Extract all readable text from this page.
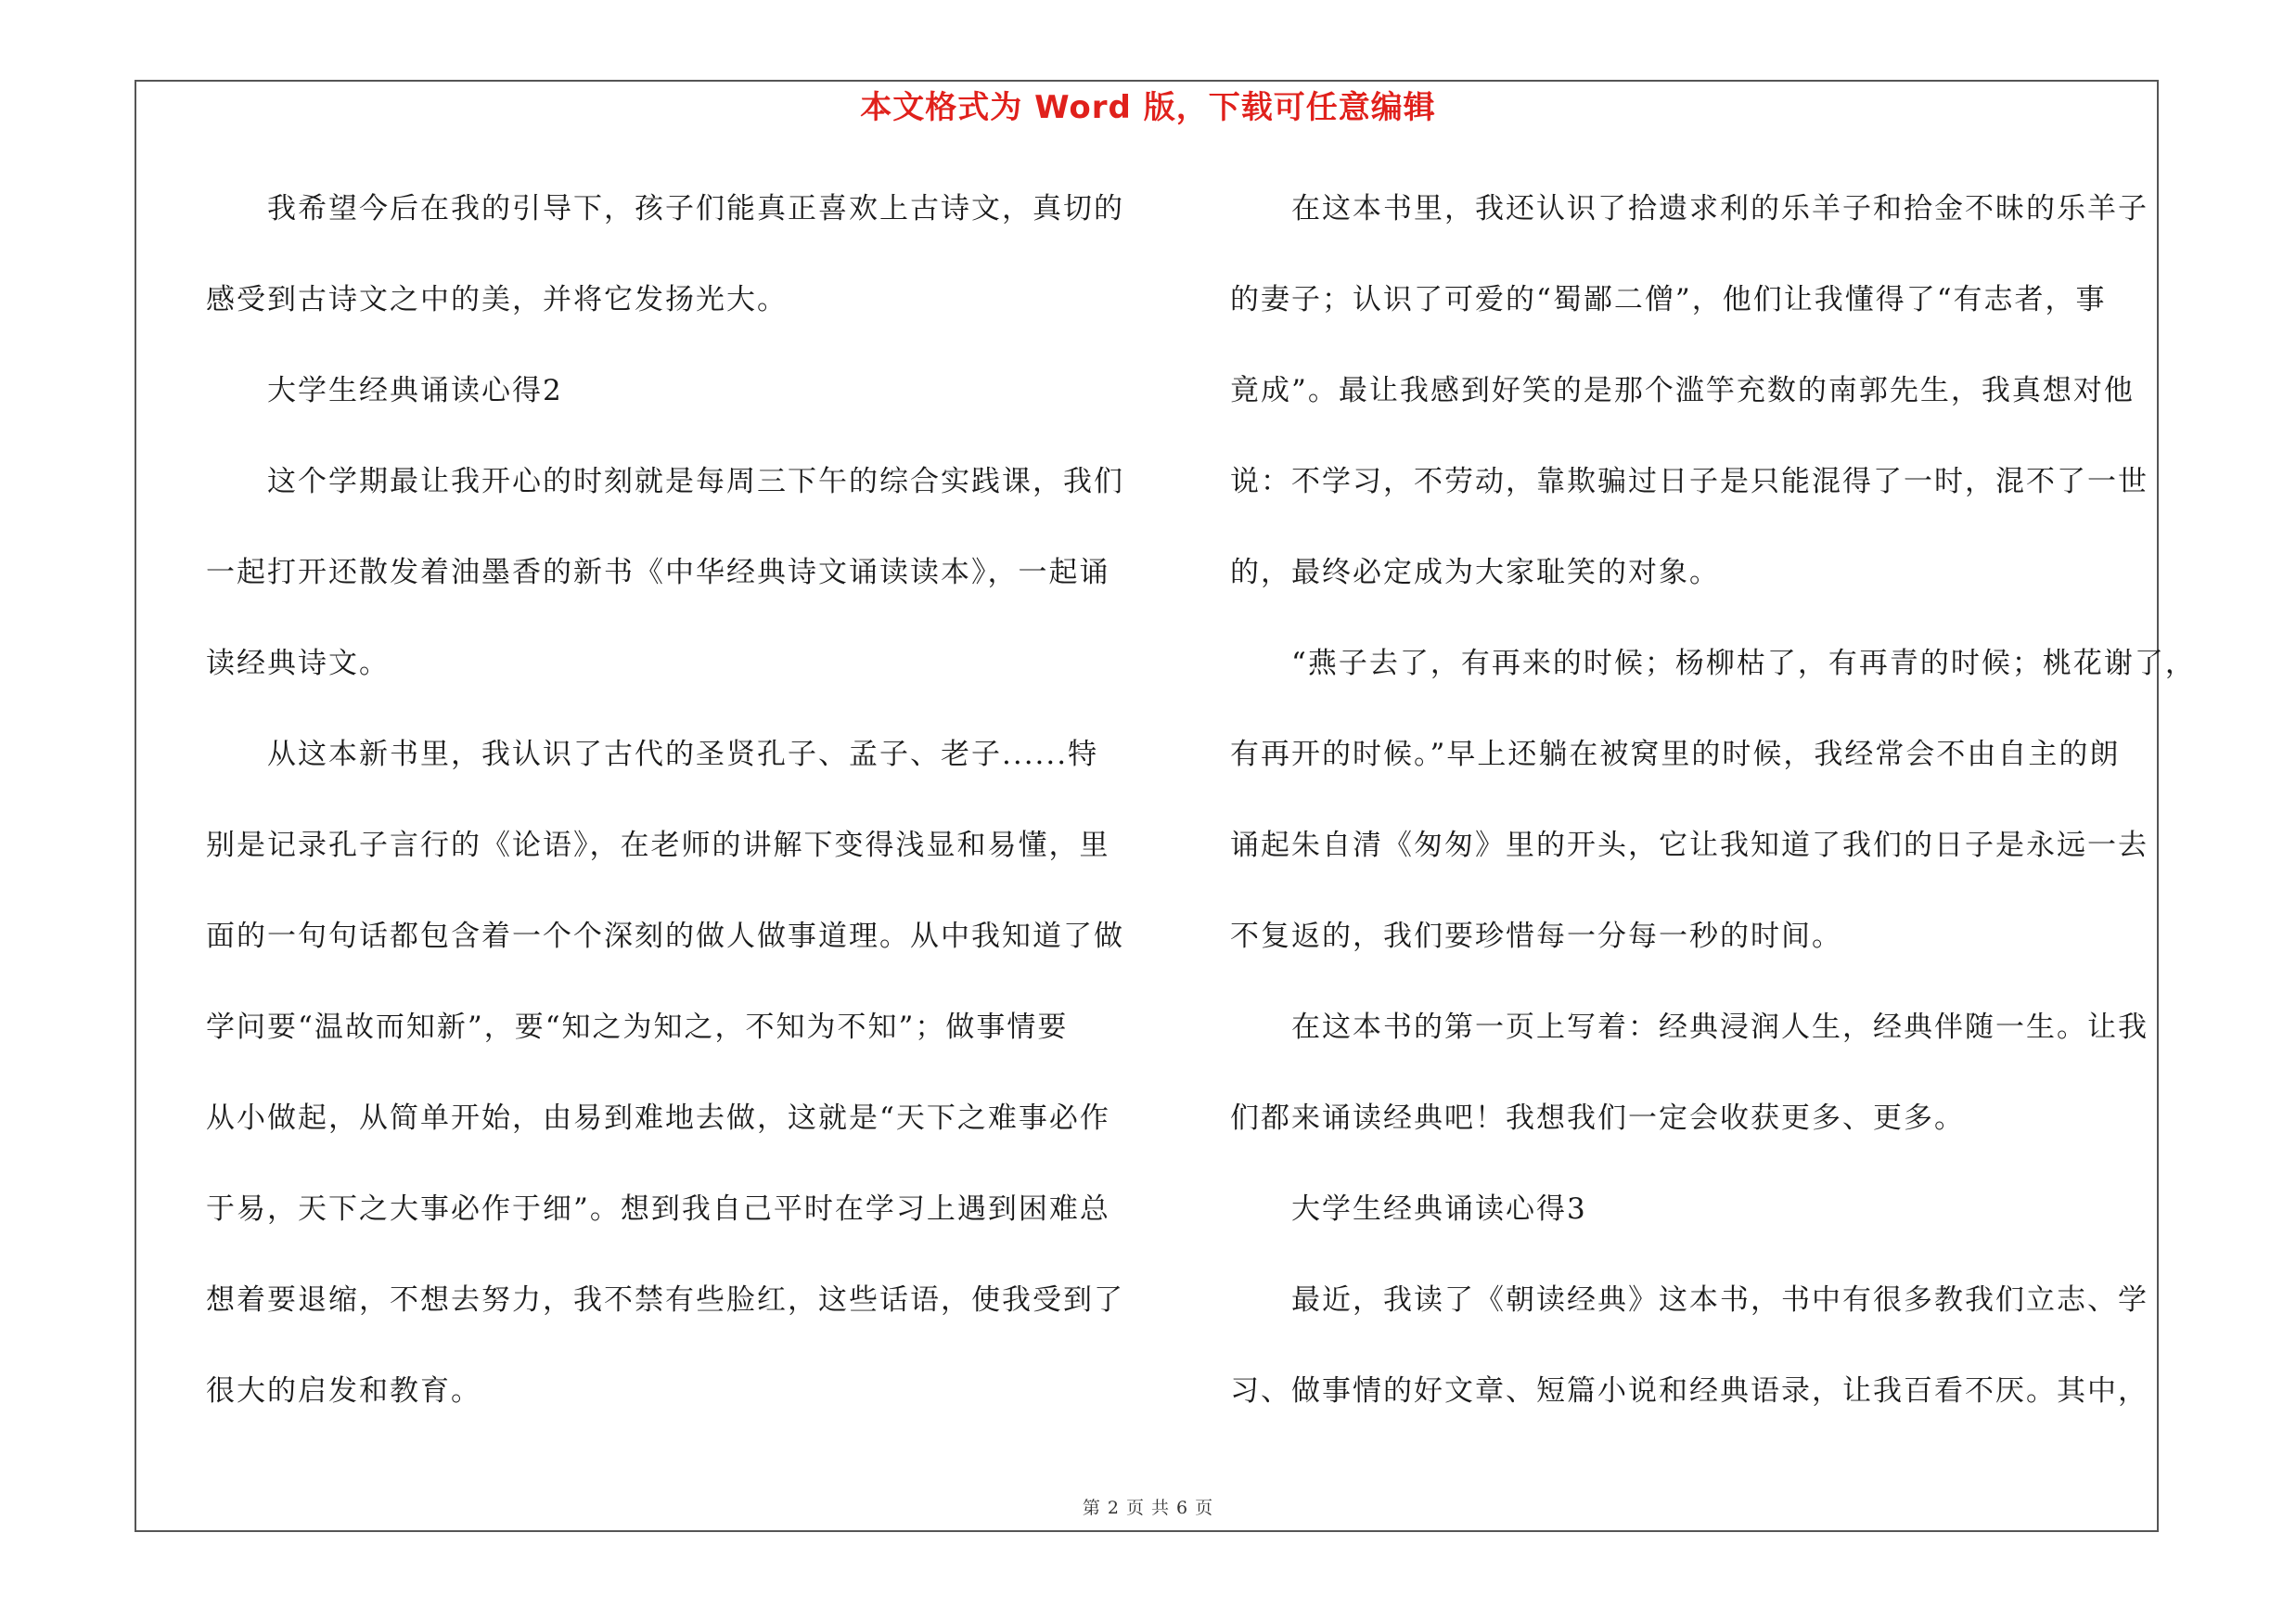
本文格式为 Word 版，下载可任意编辑
　　我希望今后在我的引导下，孩子们能真正喜欢上古诗文，真切的
感受到古诗文之中的美，并将它发扬光大。
　　大学生经典诵读心得2
　　这个学期最让我开心的时刻就是每周三下午的综合实践课，我们
一起打开还散发着油墨香的新书《中华经典诗文诵读读本》，一起诵
读经典诗文。
　　从这本新书里，我认识了古代的圣贤孔子、孟子、老子......特
别是记录孔子言行的《论语》，在老师的讲解下变得浅显和易懂，里
面的一句句话都包含着一个个深刻的做人做事道理。从中我知道了做
学问要“温故而知新”，要“知之为知之，不知为不知”；做事情要
从小做起，从简单开始，由易到难地去做，这就是“天下之难事必作
于易，天下之大事必作于细”。想到我自己平时在学习上遇到困难总
想着要退缩，不想去努力，我不禁有些脸红，这些话语，使我受到了
很大的启发和教育。
　　在这本书里，我还认识了拾遗求利的乐羊子和拾金不昧的乐羊子
的妻子；认识了可爱的“蜀鄙二僧”，他们让我懂得了“有志者，事
竟成”。最让我感到好笑的是那个滥竽充数的南郭先生，我真想对他
说：不学习，不劳动，靠欺骗过日子是只能混得了一时，混不了一世
的，最终必定成为大家耻笑的对象。
　　“燕子去了，有再来的时候；杨柳枯了，有再青的时候；桃花谢了，
有再开的时候。”早上还躺在被窝里的时候，我经常会不由自主的朗
诵起朱自清《匆匆》里的开头，它让我知道了我们的日子是永远一去
不复返的，我们要珍惜每一分每一秒的时间。
　　在这本书的第一页上写着：经典浸润人生，经典伴随一生。让我
们都来诵读经典吧！我想我们一定会收获更多、更多。
　　大学生经典诵读心得3
　　最近，我读了《朝读经典》这本书，书中有很多教我们立志、学
习、做事情的好文章、短篇小说和经典语录，让我百看不厌。其中，
第 2 页 共 6 页
